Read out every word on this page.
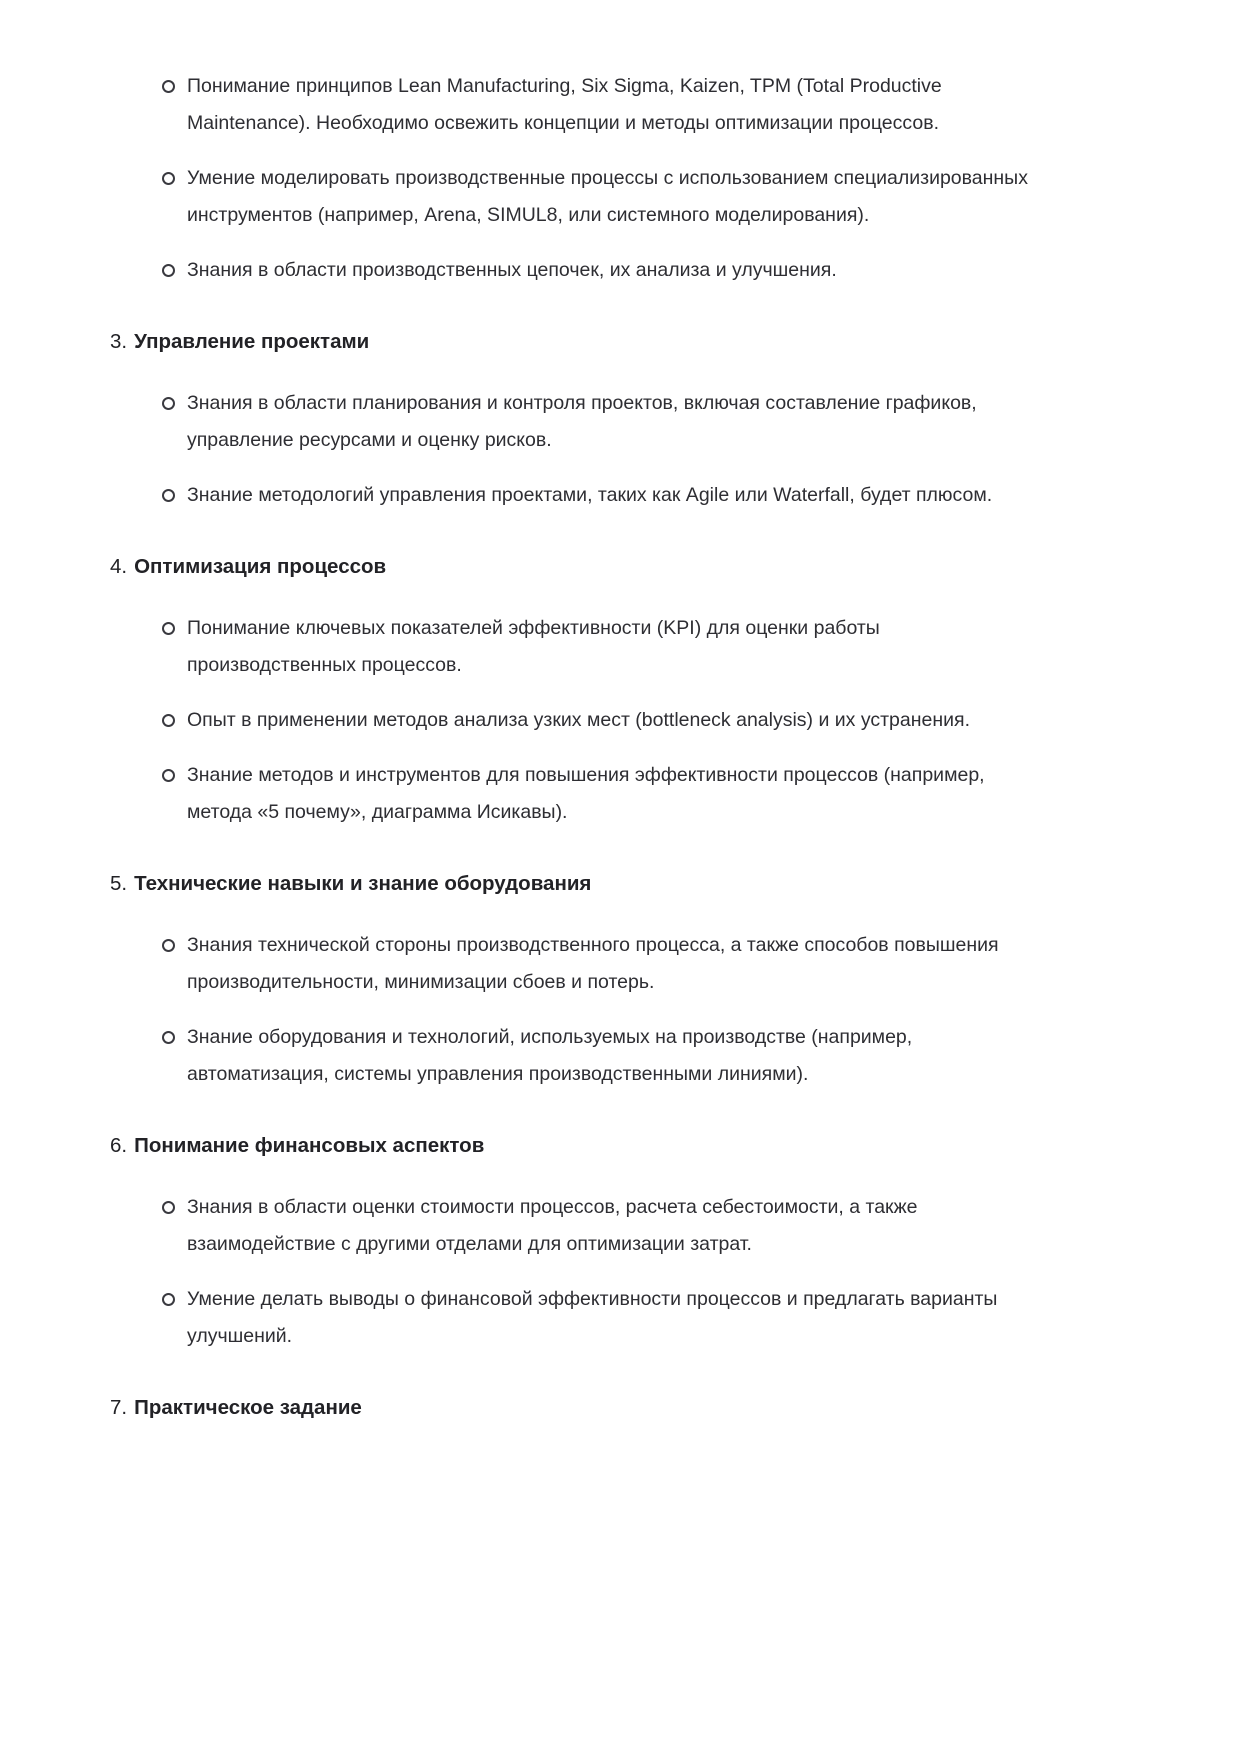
Понимание принципов Lean Manufacturing, Six Sigma, Kaizen, TPM (Total Productive Maintenance). Необходимо освежить концепции и методы оптимизации процессов.
Умение моделировать производственные процессы с использованием специализированных инструментов (например, Arena, SIMUL8, или системного моделирования).
Знания в области производственных цепочек, их анализа и улучшения.
3. Управление проектами
Знания в области планирования и контроля проектов, включая составление графиков, управление ресурсами и оценку рисков.
Знание методологий управления проектами, таких как Agile или Waterfall, будет плюсом.
4. Оптимизация процессов
Понимание ключевых показателей эффективности (KPI) для оценки работы производственных процессов.
Опыт в применении методов анализа узких мест (bottleneck analysis) и их устранения.
Знание методов и инструментов для повышения эффективности процессов (например, метода «5 почему», диаграмма Исикавы).
5. Технические навыки и знание оборудования
Знания технической стороны производственного процесса, а также способов повышения производительности, минимизации сбоев и потерь.
Знание оборудования и технологий, используемых на производстве (например, автоматизация, системы управления производственными линиями).
6. Понимание финансовых аспектов
Знания в области оценки стоимости процессов, расчета себестоимости, а также взаимодействие с другими отделами для оптимизации затрат.
Умение делать выводы о финансовой эффективности процессов и предлагать варианты улучшений.
7. Практическое задание
